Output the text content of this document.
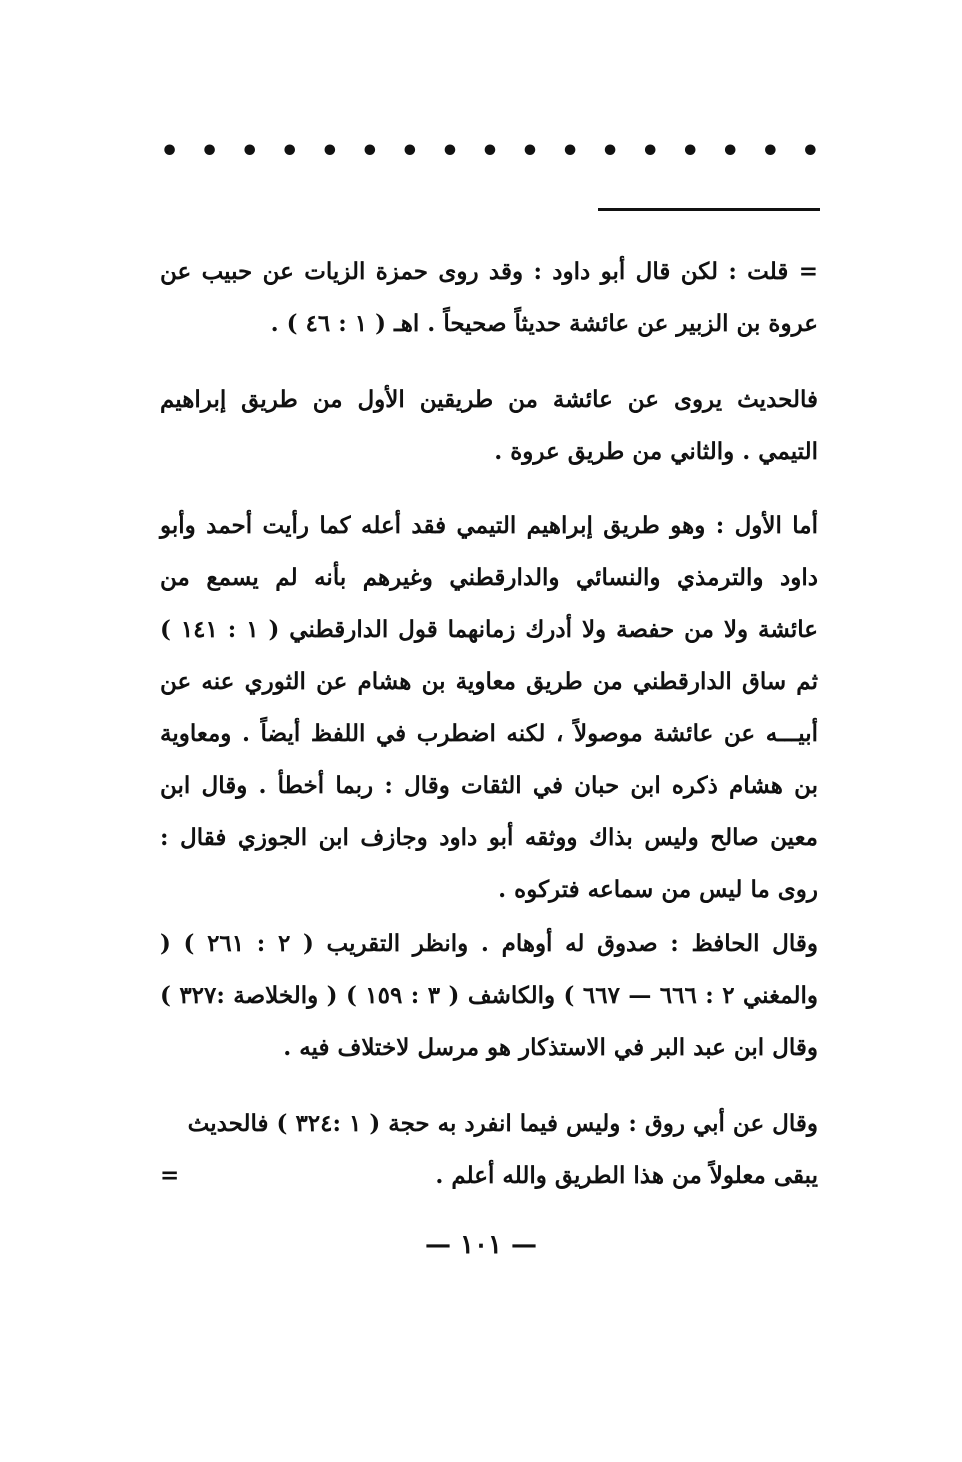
• • • • • • • • • • • • • • • • •

= قلت : لكن قال أبو داود : وقد روى حمزة الزيات عن حبيب عن عروة بن الزبير عن عائشة حديثاً صحيحاً . اهـ ( ١ : ٤٦ ) .

فالحديث يروى عن عائشة من طريقين الأول من طريق إبراهيم التيمي . والثاني من طريق عروة .

أما الأول : وهو طريق إبراهيم التيمي فقد أعله كما رأيت أحمد وأبو داود والترمذي والنسائي والدارقطني وغيرهم بأنه لم يسمع من عائشة ولا من حفصة ولا أدرك زمانهما قول الدارقطني ( ١ : ١٤١ ) ثم ساق الدارقطني من طريق معاوية بن هشام عن الثوري عنه عن أبيـــه عن عائشة موصولاً ، لكنه اضطرب في اللفظ أيضاً . ومعاوية بن هشام ذكره ابن حبان في الثقات وقال : ربما أخطأ . وقال ابن معين صالح وليس بذاك ووثقه أبو داود وجازف ابن الجوزي فقال : روى ما ليس من سماعه فتركوه .

وقال الحافظ : صدوق له أوهام . وانظر التقريب ( ٢ : ٢٦١ ) ( والمغني ٢ : ٦٦٦ — ٦٦٧ ) والكاشف ( ٣ : ١٥٩ ) ( والخلاصة :٣٢٧ ) وقال ابن عبد البر في الاستذكار هو مرسل لاختلاف فيه .

وقال عن أبي روق : وليس فيما انفرد به حجة ( ١ :٣٢٤ ) فالحديث

يبقى معلولاً من هذا الطريق والله أعلم .
=
— ١٠١ —
